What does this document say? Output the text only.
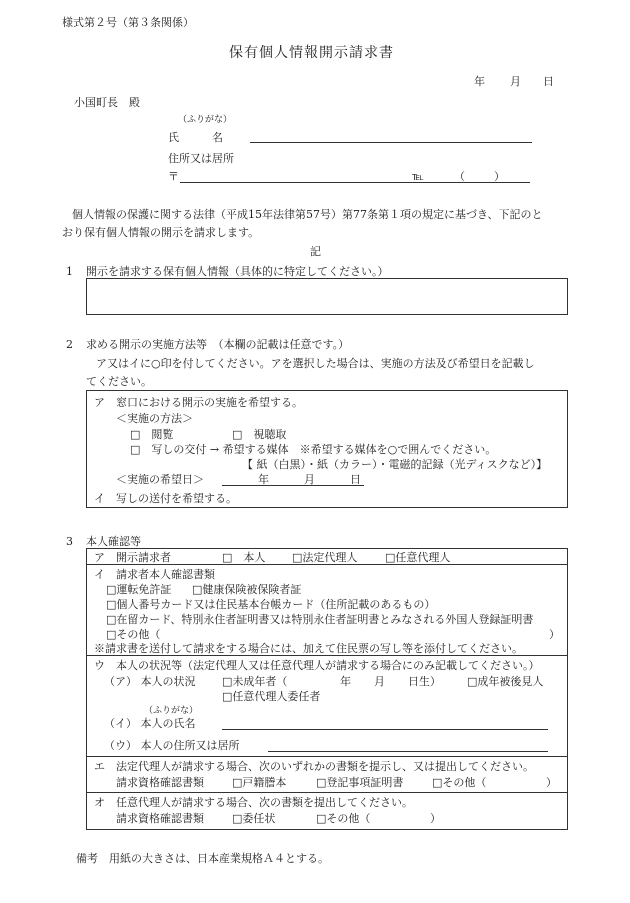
様式第２号（第３条関係）
保有個人情報開示請求書
年 月 日
小国町長　殿
（ふりがな）
氏　　　名
住所又は居所
〒	℡	（	）
個人情報の保護に関する法律（平成15年法律第57号）第77条第１項の規定に基づき、下記のと
おり保有個人情報の開示を請求します。
記
1 開示を請求する保有個人情報（具体的に特定してください。）
2 求める開示の実施方法等　（本欄の記載は任意です。）
ア又はイに○印を付してください。アを選択した場合は、実施の方法及び希望日を記載し
てください。
ア　窓口における開示の実施を希望する。
＜実施の方法＞
□　閲覧	□　視聴取
□　写しの交付 → 希望する媒体　※希望する媒体を○で囲んでください。
【 紙（白黒）・紙（カラー）・電磁的記録（光ディスクなど）】
＜実施の希望日＞	年	月	日
イ　写しの送付を希望する。
3 本人確認等
ア　開示請求者	□　本人 □法定代理人	□任意代理人
イ　請求者本人確認書類
□運転免許証 □健康保険被保険者証
□個人番号カード又は住民基本台帳カード（住所記載のあるもの）
□在留カード、特別永住者証明書又は特別永住者証明書とみなされる外国人登録証明書
□その他（	）
※請求書を送付して請求をする場合には、加えて住民票の写し等を添付してください。
ウ　本人の状況等（法定代理人又は任意代理人が請求する場合にのみ記載してください。）
（ア） 本人の状況 □未成年者（	年 月 日生） □成年被後見人
□任意代理人委任者
（ふりがな）
（イ） 本人の氏名
（ウ） 本人の住所又は居所
エ　法定代理人が請求する場合、次のいずれかの書類を提示し、又は提出してください。
請求資格確認書類	□戸籍謄本	□登記事項証明書	□その他（	）
オ　任意代理人が請求する場合、次の書類を提出してください。
請求資格確認書類	□委任状	□その他（	）
備考　用紙の大きさは、日本産業規格Ａ４とする。
